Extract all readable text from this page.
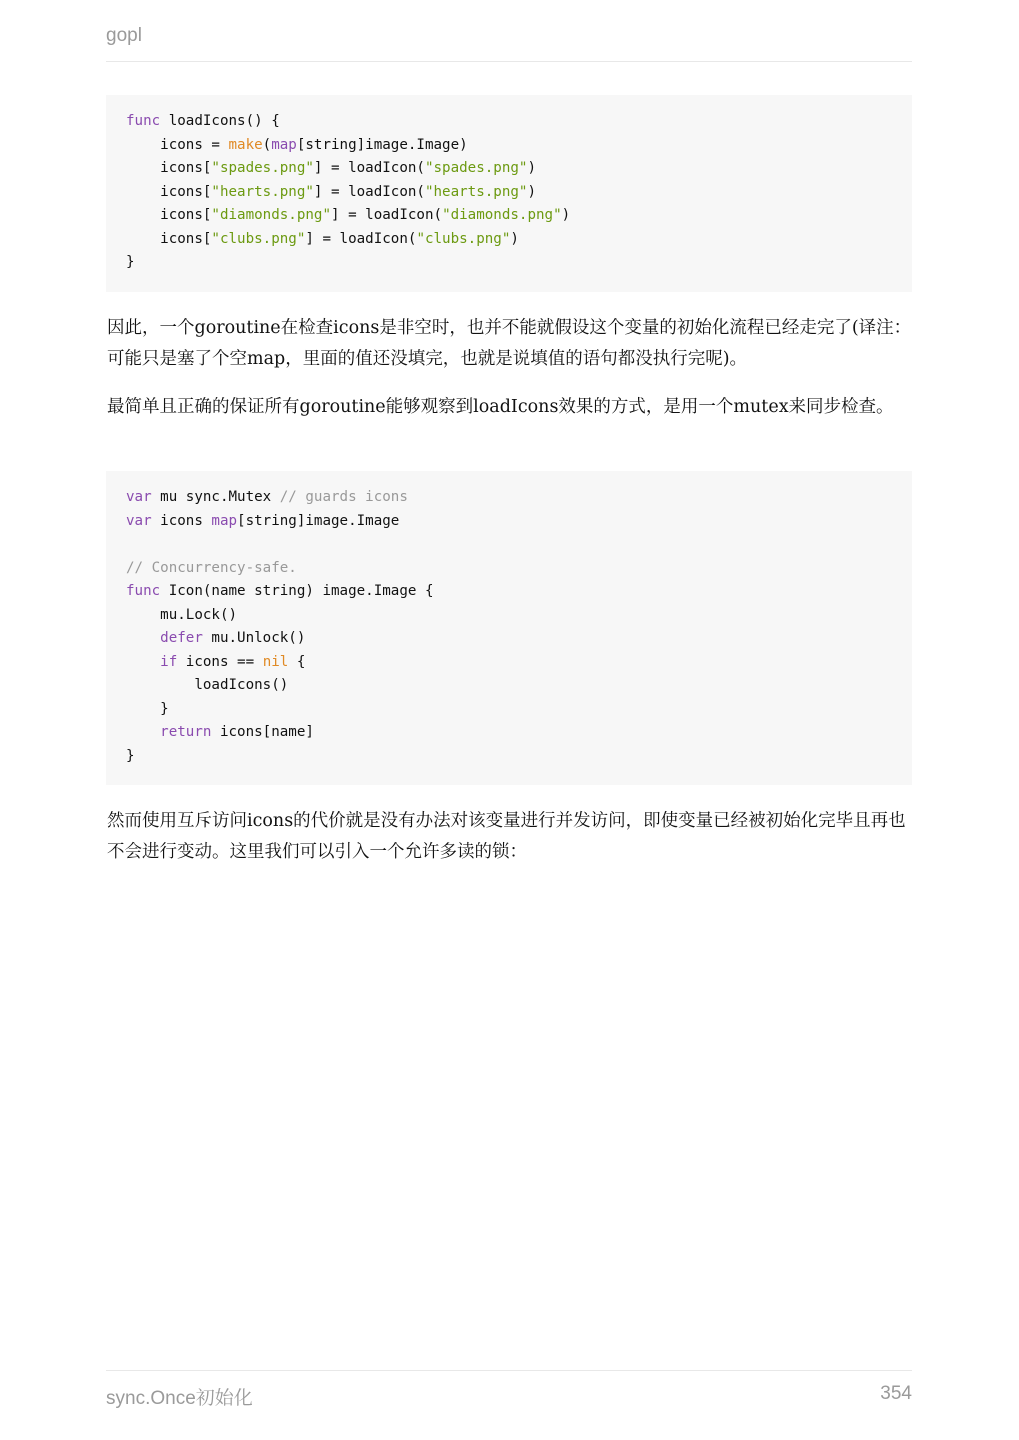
gopl
func loadIcons() {
icons = make(map[string]image.Image)
icons["spades.png"] = loadIcon("spades.png")
icons["hearts.png"] = loadIcon("hearts.png")
icons["diamonds.png"] = loadIcon("diamonds.png")
icons["clubs.png"] = loadIcon("clubs.png")
}

因此，一个goroutine在检查icons是非空时，也并不能就假设这个变量的初始化流程已经走完了(译注：可能只是塞了个空map，里面的值还没填完，也就是说填值的语句都没执行完呢)。

最简单且正确的保证所有goroutine能够观察到loadIcons效果的方式，是用一个mutex来同步检查。

var mu sync.Mutex // guards icons
var icons map[string]image.Image
// Concurrency-safe.
func Icon(name string) image.Image {
mu.Lock()
defer mu.Unlock()
if icons == nil {
loadIcons()
}
return icons[name]
}

然而使用互斥访问icons的代价就是没有办法对该变量进行并发访问，即使变量已经被初始化完毕且再也不会进行变动。这里我们可以引入一个允许多读的锁：

sync.Once初始化	354
